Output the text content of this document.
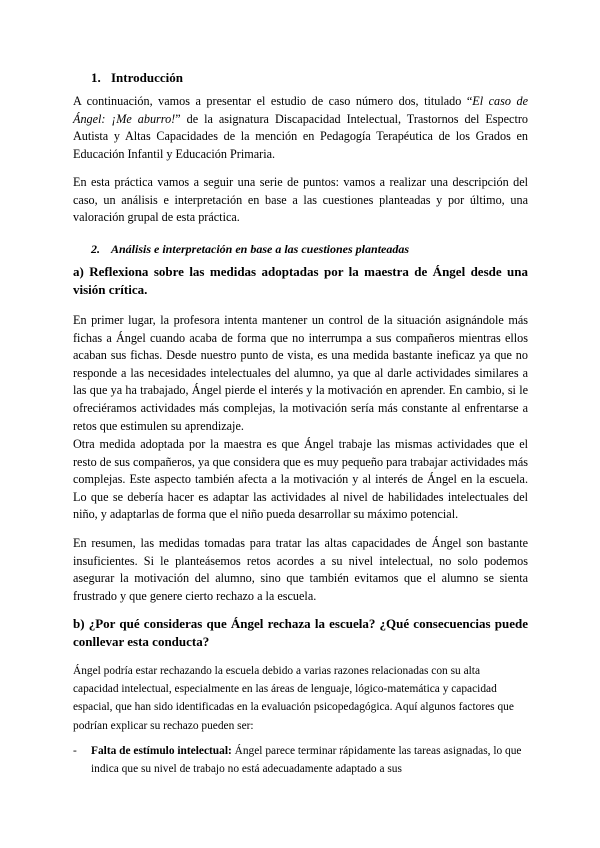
1. Introducción

A continuación, vamos a presentar el estudio de caso número dos, titulado “El caso de Ángel: ¡Me aburro!” de la asignatura Discapacidad Intelectual, Trastornos del Espectro Autista y Altas Capacidades de la mención en Pedagogía Terapéutica de los Grados en Educación Infantil y Educación Primaria.

En esta práctica vamos a seguir una serie de puntos: vamos a realizar una descripción del caso, un análisis e interpretación en base a las cuestiones planteadas y por último, una valoración grupal de esta práctica.

2. Análisis e interpretación en base a las cuestiones planteadas

a) Reflexiona sobre las medidas adoptadas por la maestra de Ángel desde una visión crítica.

En primer lugar, la profesora intenta mantener un control de la situación asignándole más fichas a Ángel cuando acaba de forma que no interrumpa a sus compañeros mientras ellos acaban sus fichas. Desde nuestro punto de vista, es una medida bastante ineficaz ya que no responde a las necesidades intelectuales del alumno, ya que al darle actividades similares a las que ya ha trabajado, Ángel pierde el interés y la motivación en aprender. En cambio, si le ofreciéramos actividades más complejas, la motivación sería más constante al enfrentarse a retos que estimulen su aprendizaje.

Otra medida adoptada por la maestra es que Ángel trabaje las mismas actividades que el resto de sus compañeros, ya que considera que es muy pequeño para trabajar actividades más complejas. Este aspecto también afecta a la motivación y al interés de Ángel en la escuela. Lo que se debería hacer es adaptar las actividades al nivel de habilidades intelectuales del niño, y adaptarlas de forma que el niño pueda desarrollar su máximo potencial.

En resumen, las medidas tomadas para tratar las altas capacidades de Ángel son bastante insuficientes. Si le planteásemos retos acordes a su nivel intelectual, no solo podemos asegurar la motivación del alumno, sino que también evitamos que el alumno se sienta frustrado y que genere cierto rechazo a la escuela.

b) ¿Por qué consideras que Ángel rechaza la escuela? ¿Qué consecuencias puede conllevar esta conducta?

Ángel podría estar rechazando la escuela debido a varias razones relacionadas con su alta capacidad intelectual, especialmente en las áreas de lenguaje, lógico-matemática y capacidad espacial, que han sido identificadas en la evaluación psicopedagógica. Aquí algunos factores que podrían explicar su rechazo pueden ser:

- Falta de estímulo intelectual: Ángel parece terminar rápidamente las tareas asignadas, lo que indica que su nivel de trabajo no está adecuadamente adaptado a sus
